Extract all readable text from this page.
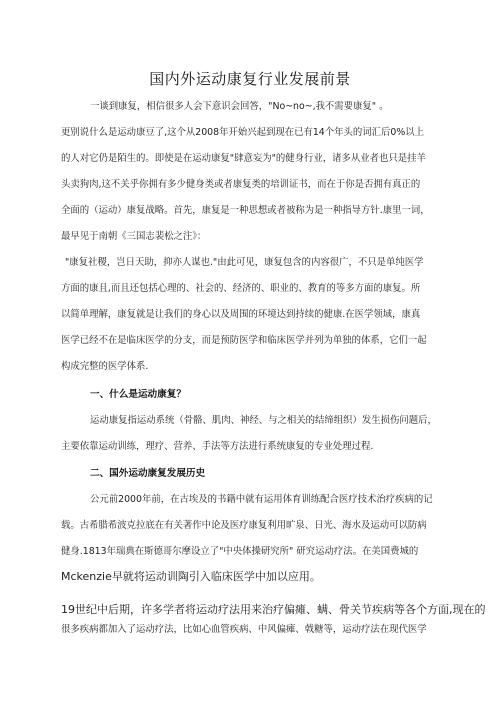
国内外运动康复行业发展前景
一谈到康复，相信很多人会下意识会回答，"No~no~,我不需要康复" 。
更别说什么是运动康豆了,这个从2008年开始兴起到现在已有14个年头的词汇后0%以上
的人对它仍是陌生的。即使是在运动康复"肆意妄为"的健身行业，诸多从业者也只是挂羊
头卖狗肉,这不关乎你拥有多少健身类或者康复类的培训证书，而在于你是否拥有真正的
全面的（运动）康复战略。首先，康复是一种思想或者被称为是一种指导方针.康里一词，
最早见于南朝《三国志裴松之注》：
"康复社稷，岂日天助，抑亦人谋也."由此可见，康复包含的内容很广，不只是单纯医学
方面的康且,而且还包括心理的、社会的、经济的、职业的、教育的等多方面的康复。所
以简单理解，康复就是让我们的身心以及周围的环境达到持续的健康.在医学领域，康真
医学已经不在是临床医学的分支，而是预防医学和临床医学并列为单独的体系，它们一起
构成完整的医学体系.
一、什么是运动康复？
运动康复指运动系统（骨骼、肌肉、神经、与之相关的结缔组织）发生损伤问题后，
主要依靠运动训练，理疗、营养、手法等方法进行系统康复的专业处理过程.
二、国外运动康复发展历史
公元前2000年前，在古埃及的书籍中就有运用体育训练配合医疗技术治疗疾病的记
载。古希腊希波克拉底在有关著作中论及医疗康复利用旷泉、日光、海水及运动可以防病
健身.1813年瑞典在斯德哥尔摩设立了"中央体操研究所" 研究运动疗法。在美国费城的
Mckenzie早就将运动训陶引入临床医学中加以应用。
19世纪中后期，许多学者将运动疗法用来治疗偏瘫、螨、骨关节疾病等各个方面,现在的
很多疾病都加入了运动疗法，比如心血管疾病、中风偏瘫、戟糖等，运动疗法在现代医学
